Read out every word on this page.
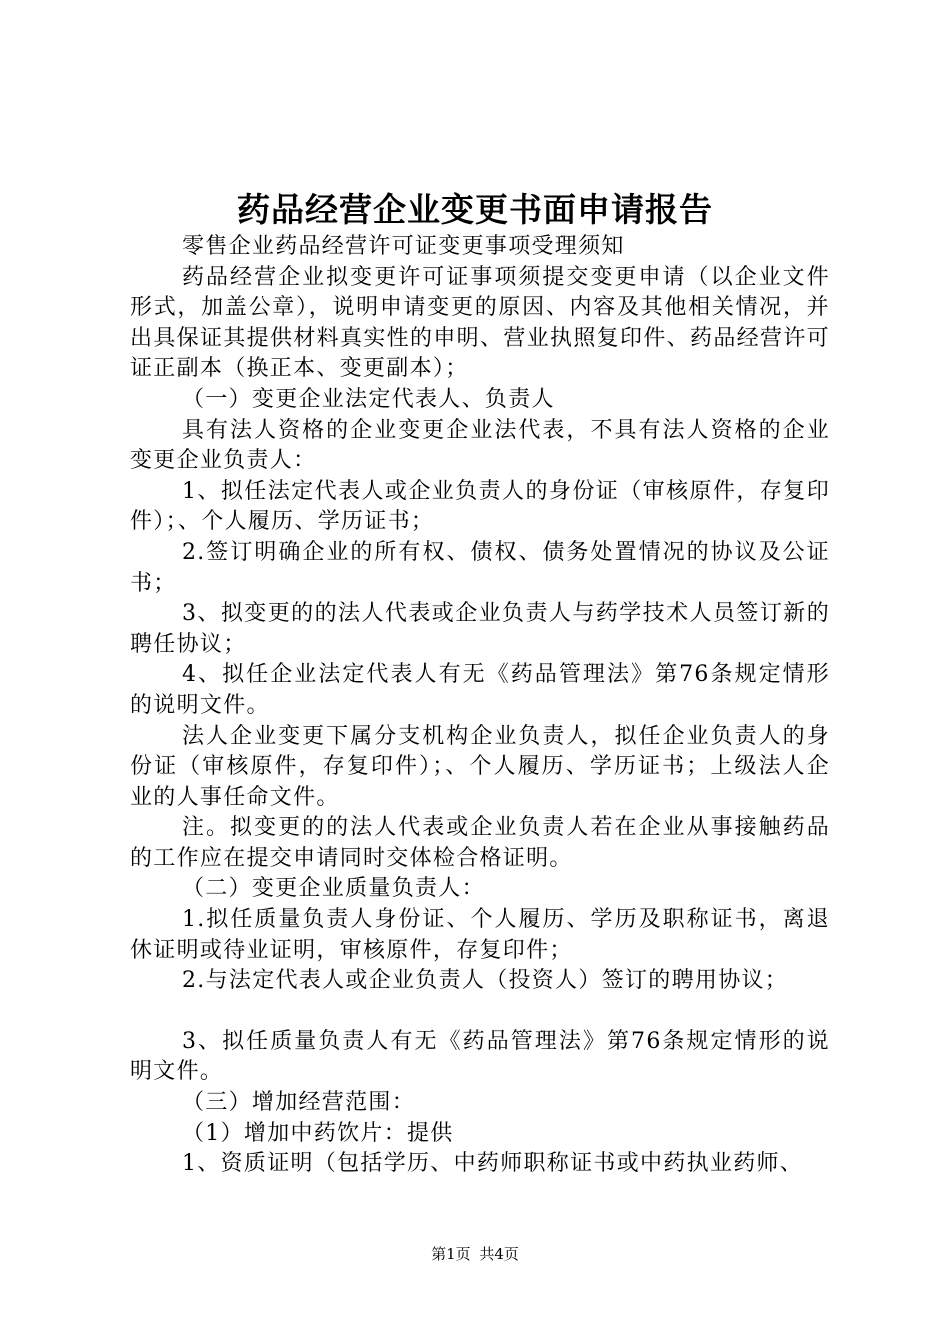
药品经营企业变更书面申请报告

零售企业药品经营许可证变更事项受理须知

药品经营企业拟变更许可证事项须提交变更申请（以企业文件形式，加盖公章），说明申请变更的原因、内容及其他相关情况，并出具保证其提供材料真实性的申明、营业执照复印件、药品经营许可证正副本（换正本、变更副本）；

（一）变更企业法定代表人、负责人

具有法人资格的企业变更企业法代表，不具有法人资格的企业变更企业负责人：

1、拟任法定代表人或企业负责人的身份证（审核原件，存复印件）；、个人履历、学历证书；

2.签订明确企业的所有权、债权、债务处置情况的协议及公证书；

3、拟变更的的法人代表或企业负责人与药学技术人员签订新的聘任协议；

4、拟任企业法定代表人有无《药品管理法》第76条规定情形的说明文件。

法人企业变更下属分支机构企业负责人，拟任企业负责人的身份证（审核原件，存复印件）；、个人履历、学历证书；上级法人企业的人事任命文件。

注。拟变更的的法人代表或企业负责人若在企业从事接触药品的工作应在提交申请同时交体检合格证明。

（二）变更企业质量负责人：

1.拟任质量负责人身份证、个人履历、学历及职称证书，离退休证明或待业证明，审核原件，存复印件；

2.与法定代表人或企业负责人（投资人）签订的聘用协议；

3、拟任质量负责人有无《药品管理法》第76条规定情形的说明文件。

（三）增加经营范围：

（1）增加中药饮片：提供

1、资质证明（包括学历、中药师职称证书或中药执业药师、

第1页 共4页
